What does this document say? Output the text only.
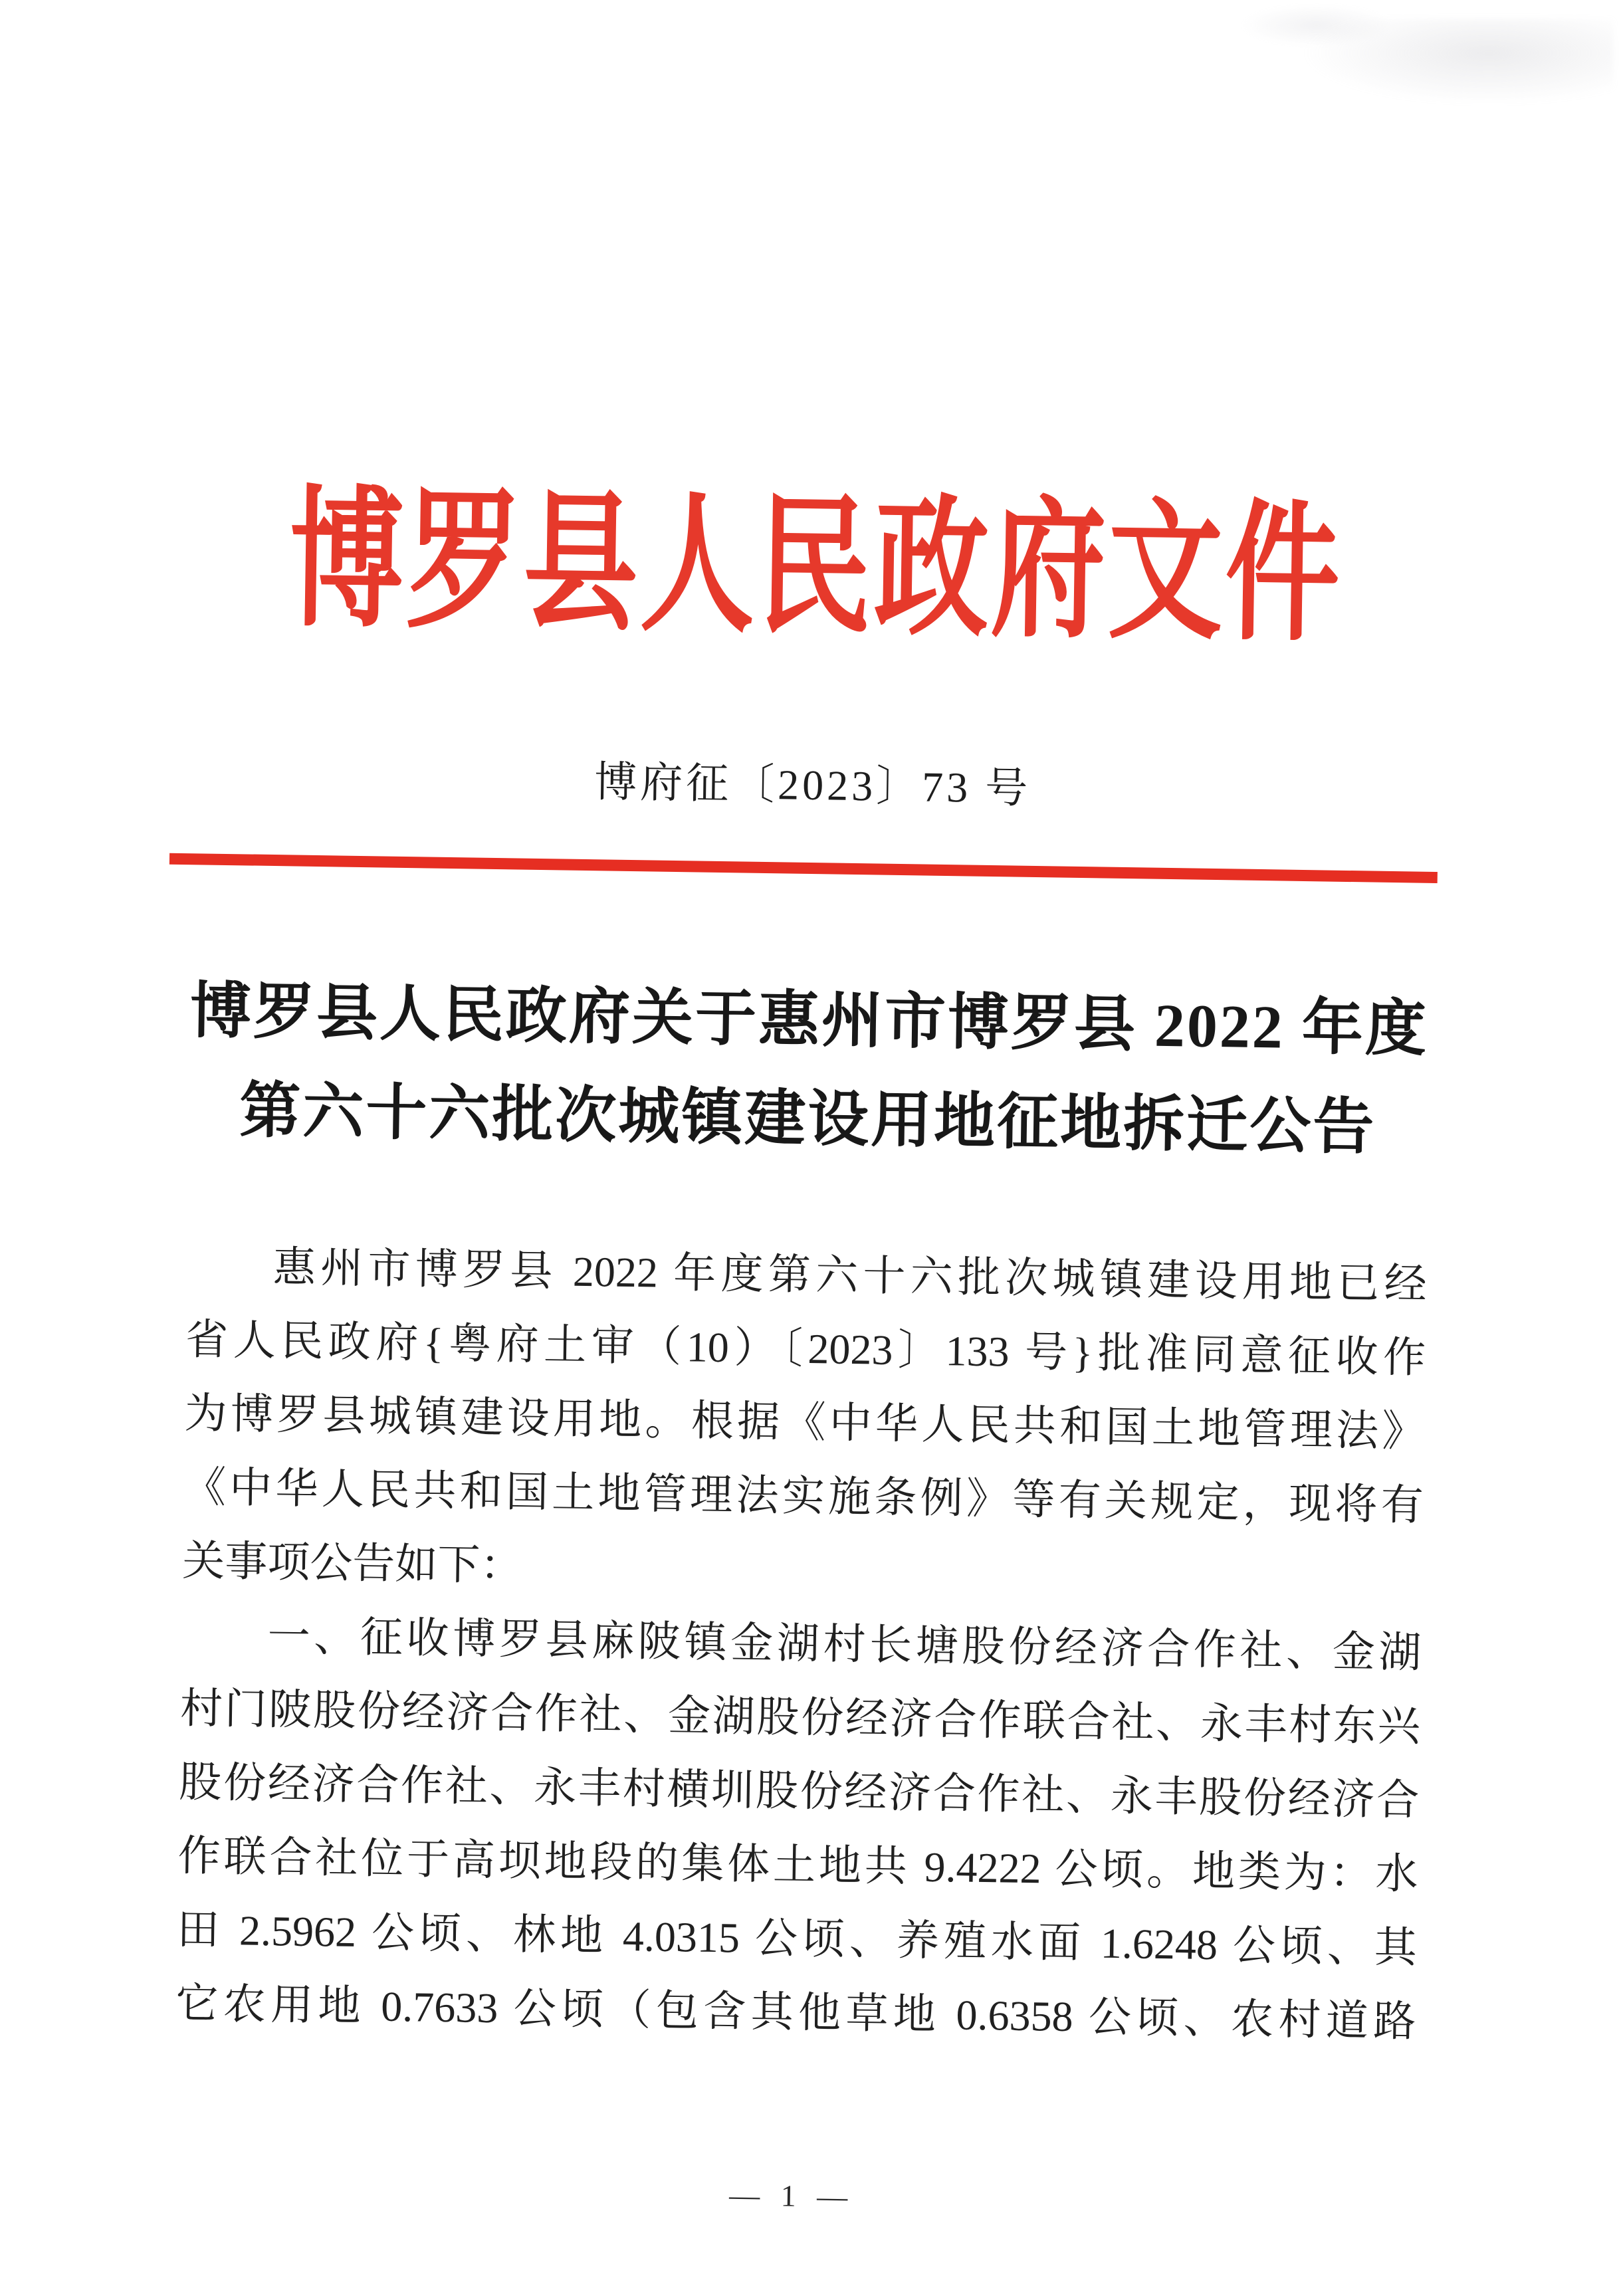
博罗县人民政府文件
博府征〔2023〕73 号
博罗县人民政府关于惠州市博罗县 2022 年度
第六十六批次城镇建设用地征地拆迁公告
惠州市博罗县 2022 年度第六十六批次城镇建设用地已经
省人民政府{粤府土审（10）〔2023〕133 号}批准同意征收作
为博罗县城镇建设用地。根据《中华人民共和国土地管理法》
《中华人民共和国土地管理法实施条例》等有关规定，现将有
关事项公告如下：
一、征收博罗县麻陂镇金湖村长塘股份经济合作社、金湖
村门陂股份经济合作社、金湖股份经济合作联合社、永丰村东兴
股份经济合作社、永丰村横圳股份经济合作社、永丰股份经济合
作联合社位于高坝地段的集体土地共 9.4222 公顷。地类为：水
田 2.5962 公顷、林地 4.0315 公顷、养殖水面 1.6248 公顷、其
它农用地 0.7633 公顷（包含其他草地 0.6358 公顷、农村道路
— 1 —
